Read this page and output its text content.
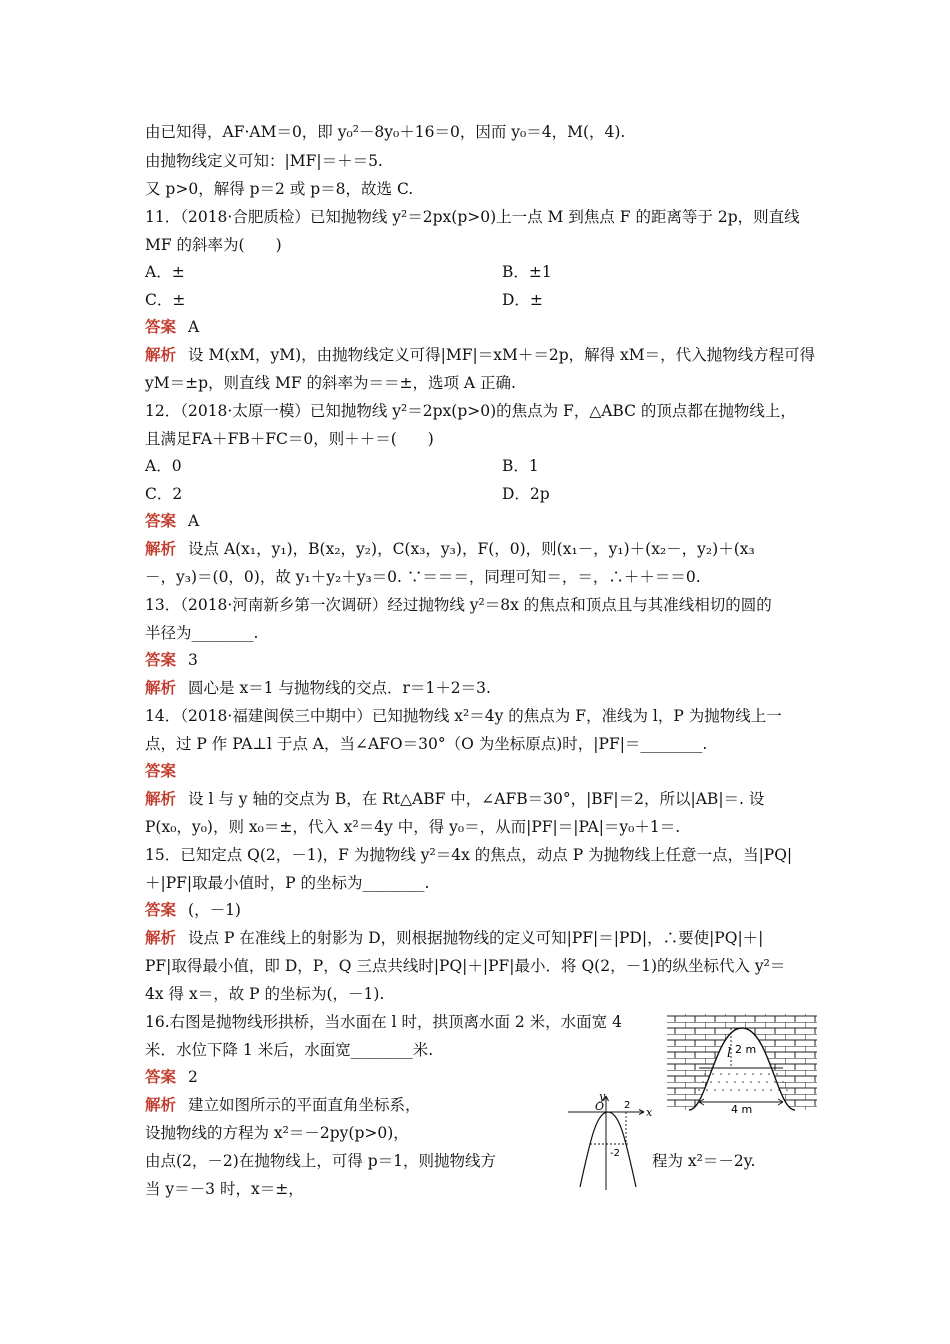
由已知得，AF·AM＝0，即 y₀²－8y₀＋16＝0，因而 y₀＝4，M(，4).
由抛物线定义可知：|MF|＝＋＝5.
又 p>0，解得 p＝2 或 p＝8，故选 C.
11．（2018·合肥质检）已知抛物线 y²＝2px(p>0)上一点 M 到焦点 F 的距离等于 2p，则直线
MF 的斜率为(　　)
A．±	B．±1
C．±	D．±
答案 A
解析 设 M(xM，yM)，由抛物线定义可得|MF|＝xM＋＝2p，解得 xM＝，代入抛物线方程可得
yM＝±p，则直线 MF 的斜率为＝＝±，选项 A 正确.
12．（2018·太原一模）已知抛物线 y²＝2px(p>0)的焦点为 F，△ABC 的顶点都在抛物线上，
且满足FA＋FB＋FC＝0，则＋＋＝(　　)
A．0	B．1
C．2	D．2p
答案 A
解析 设点 A(x₁，y₁)，B(x₂，y₂)，C(x₃，y₃)，F(，0)，则(x₁－，y₁)＋(x₂－，y₂)＋(x₃
－，y₃)＝(0，0)，故 y₁＋y₂＋y₃＝0. ∵＝＝＝，同理可知＝，＝，∴＋＋＝＝0.
13．（2018·河南新乡第一次调研）经过抛物线 y²＝8x 的焦点和顶点且与其准线相切的圆的
半径为________.
答案 3
解析 圆心是 x＝1 与抛物线的交点．r＝1＋2＝3.
14．（2018·福建闽侯三中期中）已知抛物线 x²＝4y 的焦点为 F，准线为 l，P 为抛物线上一
点，过 P 作 PA⊥l 于点 A，当∠AFO＝30°（O 为坐标原点)时，|PF|＝________.
答案
解析 设 l 与 y 轴的交点为 B，在 Rt△ABF 中，∠AFB＝30°，|BF|＝2，所以|AB|＝. 设
P(x₀，y₀)，则 x₀＝±，代入 x²＝4y 中，得 y₀＝，从而|PF|＝|PA|＝y₀＋1＝.
15．已知定点 Q(2，－1)，F 为抛物线 y²＝4x 的焦点，动点 P 为抛物线上任意一点，当|PQ|
＋|PF|取最小值时，P 的坐标为________.
答案 (，－1)
解析 设点 P 在准线上的射影为 D，则根据抛物线的定义可知|PF|＝|PD|，∴要使|PQ|＋|
PF|取得最小值，即 D，P，Q 三点共线时|PQ|＋|PF|最小．将 Q(2，－1)的纵坐标代入 y²＝
4x 得 x＝，故 P 的坐标为(，－1).
16.右图是抛物线形拱桥，当水面在 l 时，拱顶离水面 2 米，水面宽 4
米．水位下降 1 米后，水面宽________米.
答案 2
解析 建立如图所示的平面直角坐标系，
设抛物线的方程为 x²＝－2py(p>0)，
由点(2，－2)在抛物线上，可得 p＝1，则抛物线方	程为 x²＝－2y.
当 y＝－3 时，x＝±，
l 2 m
4 m
y
x
O 2
-2
